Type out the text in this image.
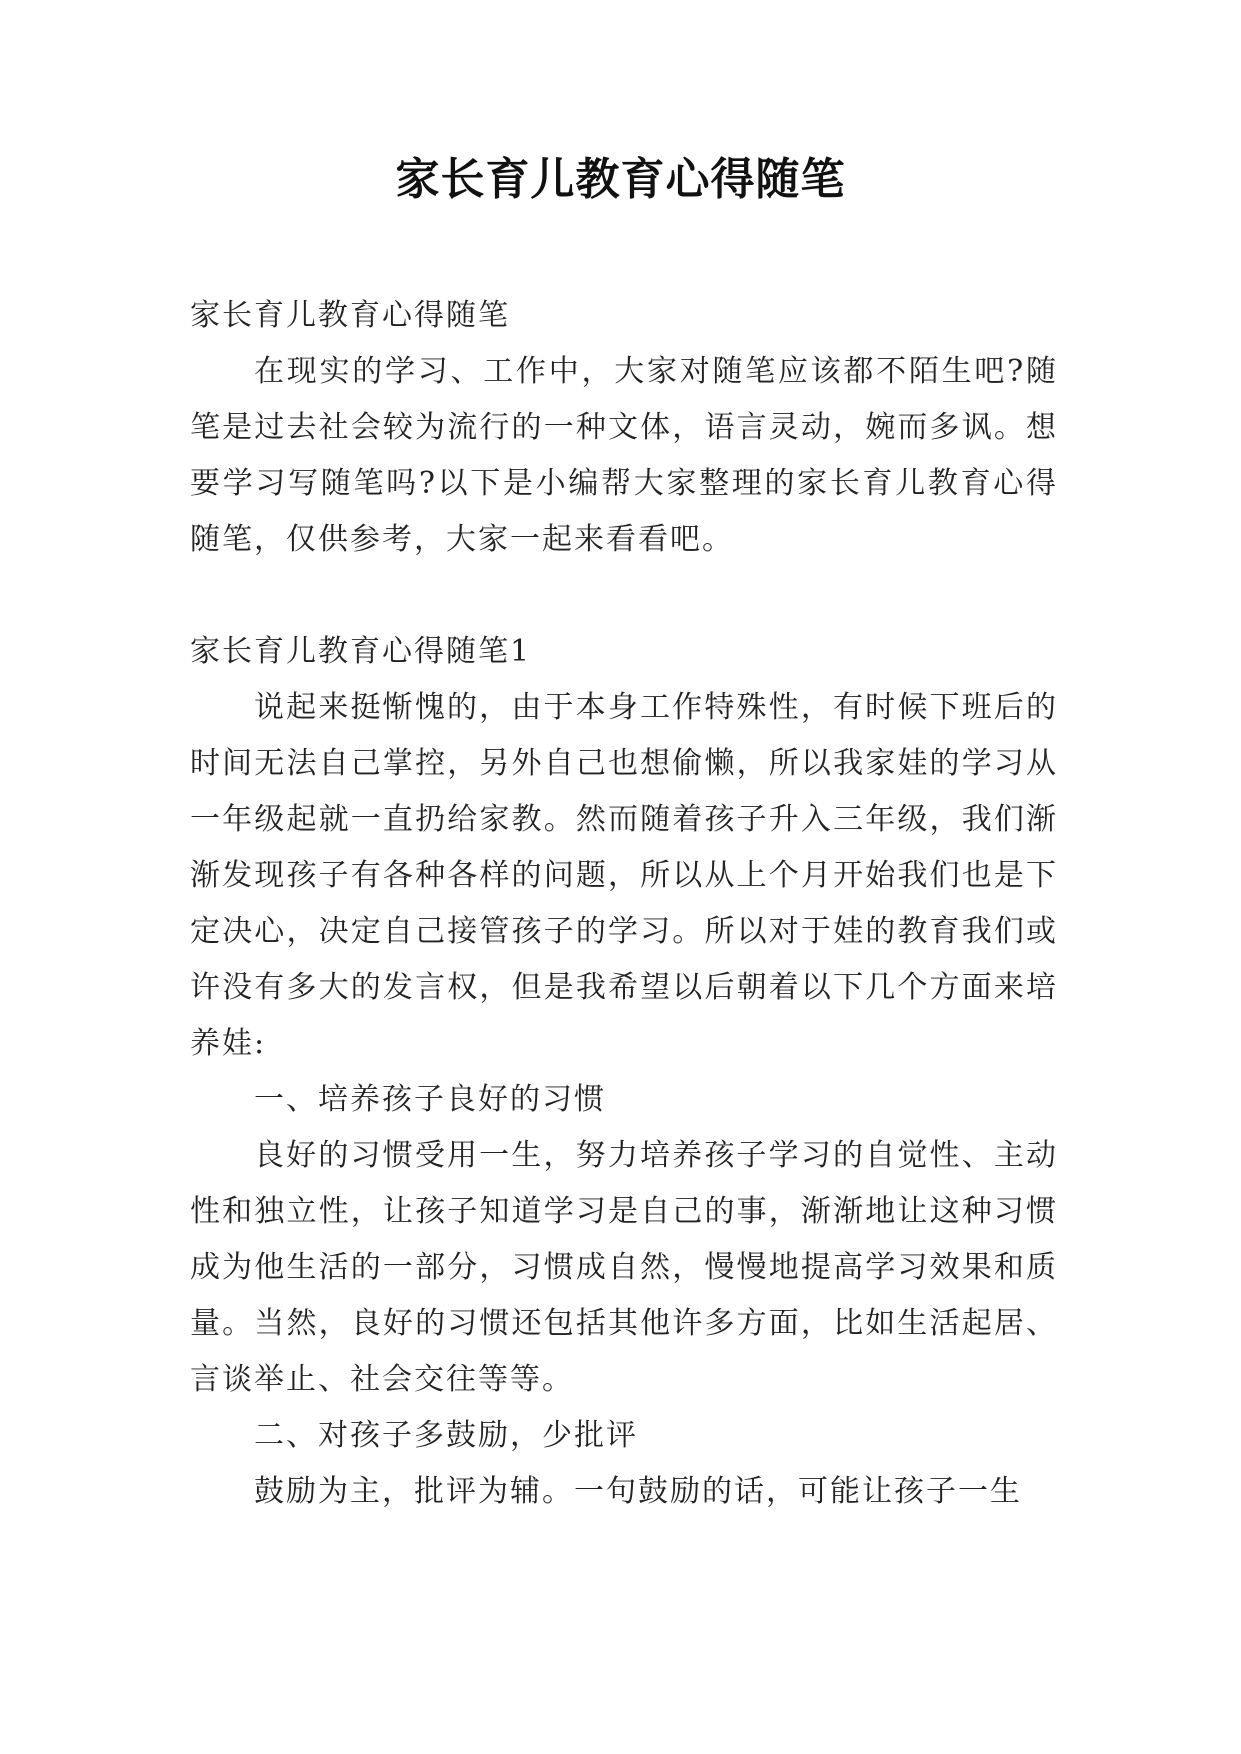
家长育儿教育心得随笔

家长育儿教育心得随笔

在现实的学习、工作中，大家对随笔应该都不陌生吧?随笔是过去社会较为流行的一种文体，语言灵动，婉而多讽。想要学习写随笔吗?以下是小编帮大家整理的家长育儿教育心得随笔，仅供参考，大家一起来看看吧。

家长育儿教育心得随笔1

说起来挺惭愧的，由于本身工作特殊性，有时候下班后的时间无法自己掌控，另外自己也想偷懒，所以我家娃的学习从一年级起就一直扔给家教。然而随着孩子升入三年级，我们渐渐发现孩子有各种各样的问题，所以从上个月开始我们也是下定决心，决定自己接管孩子的学习。所以对于娃的教育我们或许没有多大的发言权，但是我希望以后朝着以下几个方面来培养娃:

一、培养孩子良好的习惯

良好的习惯受用一生，努力培养孩子学习的自觉性、主动性和独立性，让孩子知道学习是自己的事，渐渐地让这种习惯成为他生活的一部分，习惯成自然，慢慢地提高学习效果和质量。当然，良好的习惯还包括其他许多方面，比如生活起居、言谈举止、社会交往等等。

二、对孩子多鼓励，少批评

鼓励为主，批评为辅。一句鼓励的话，可能让孩子一生
